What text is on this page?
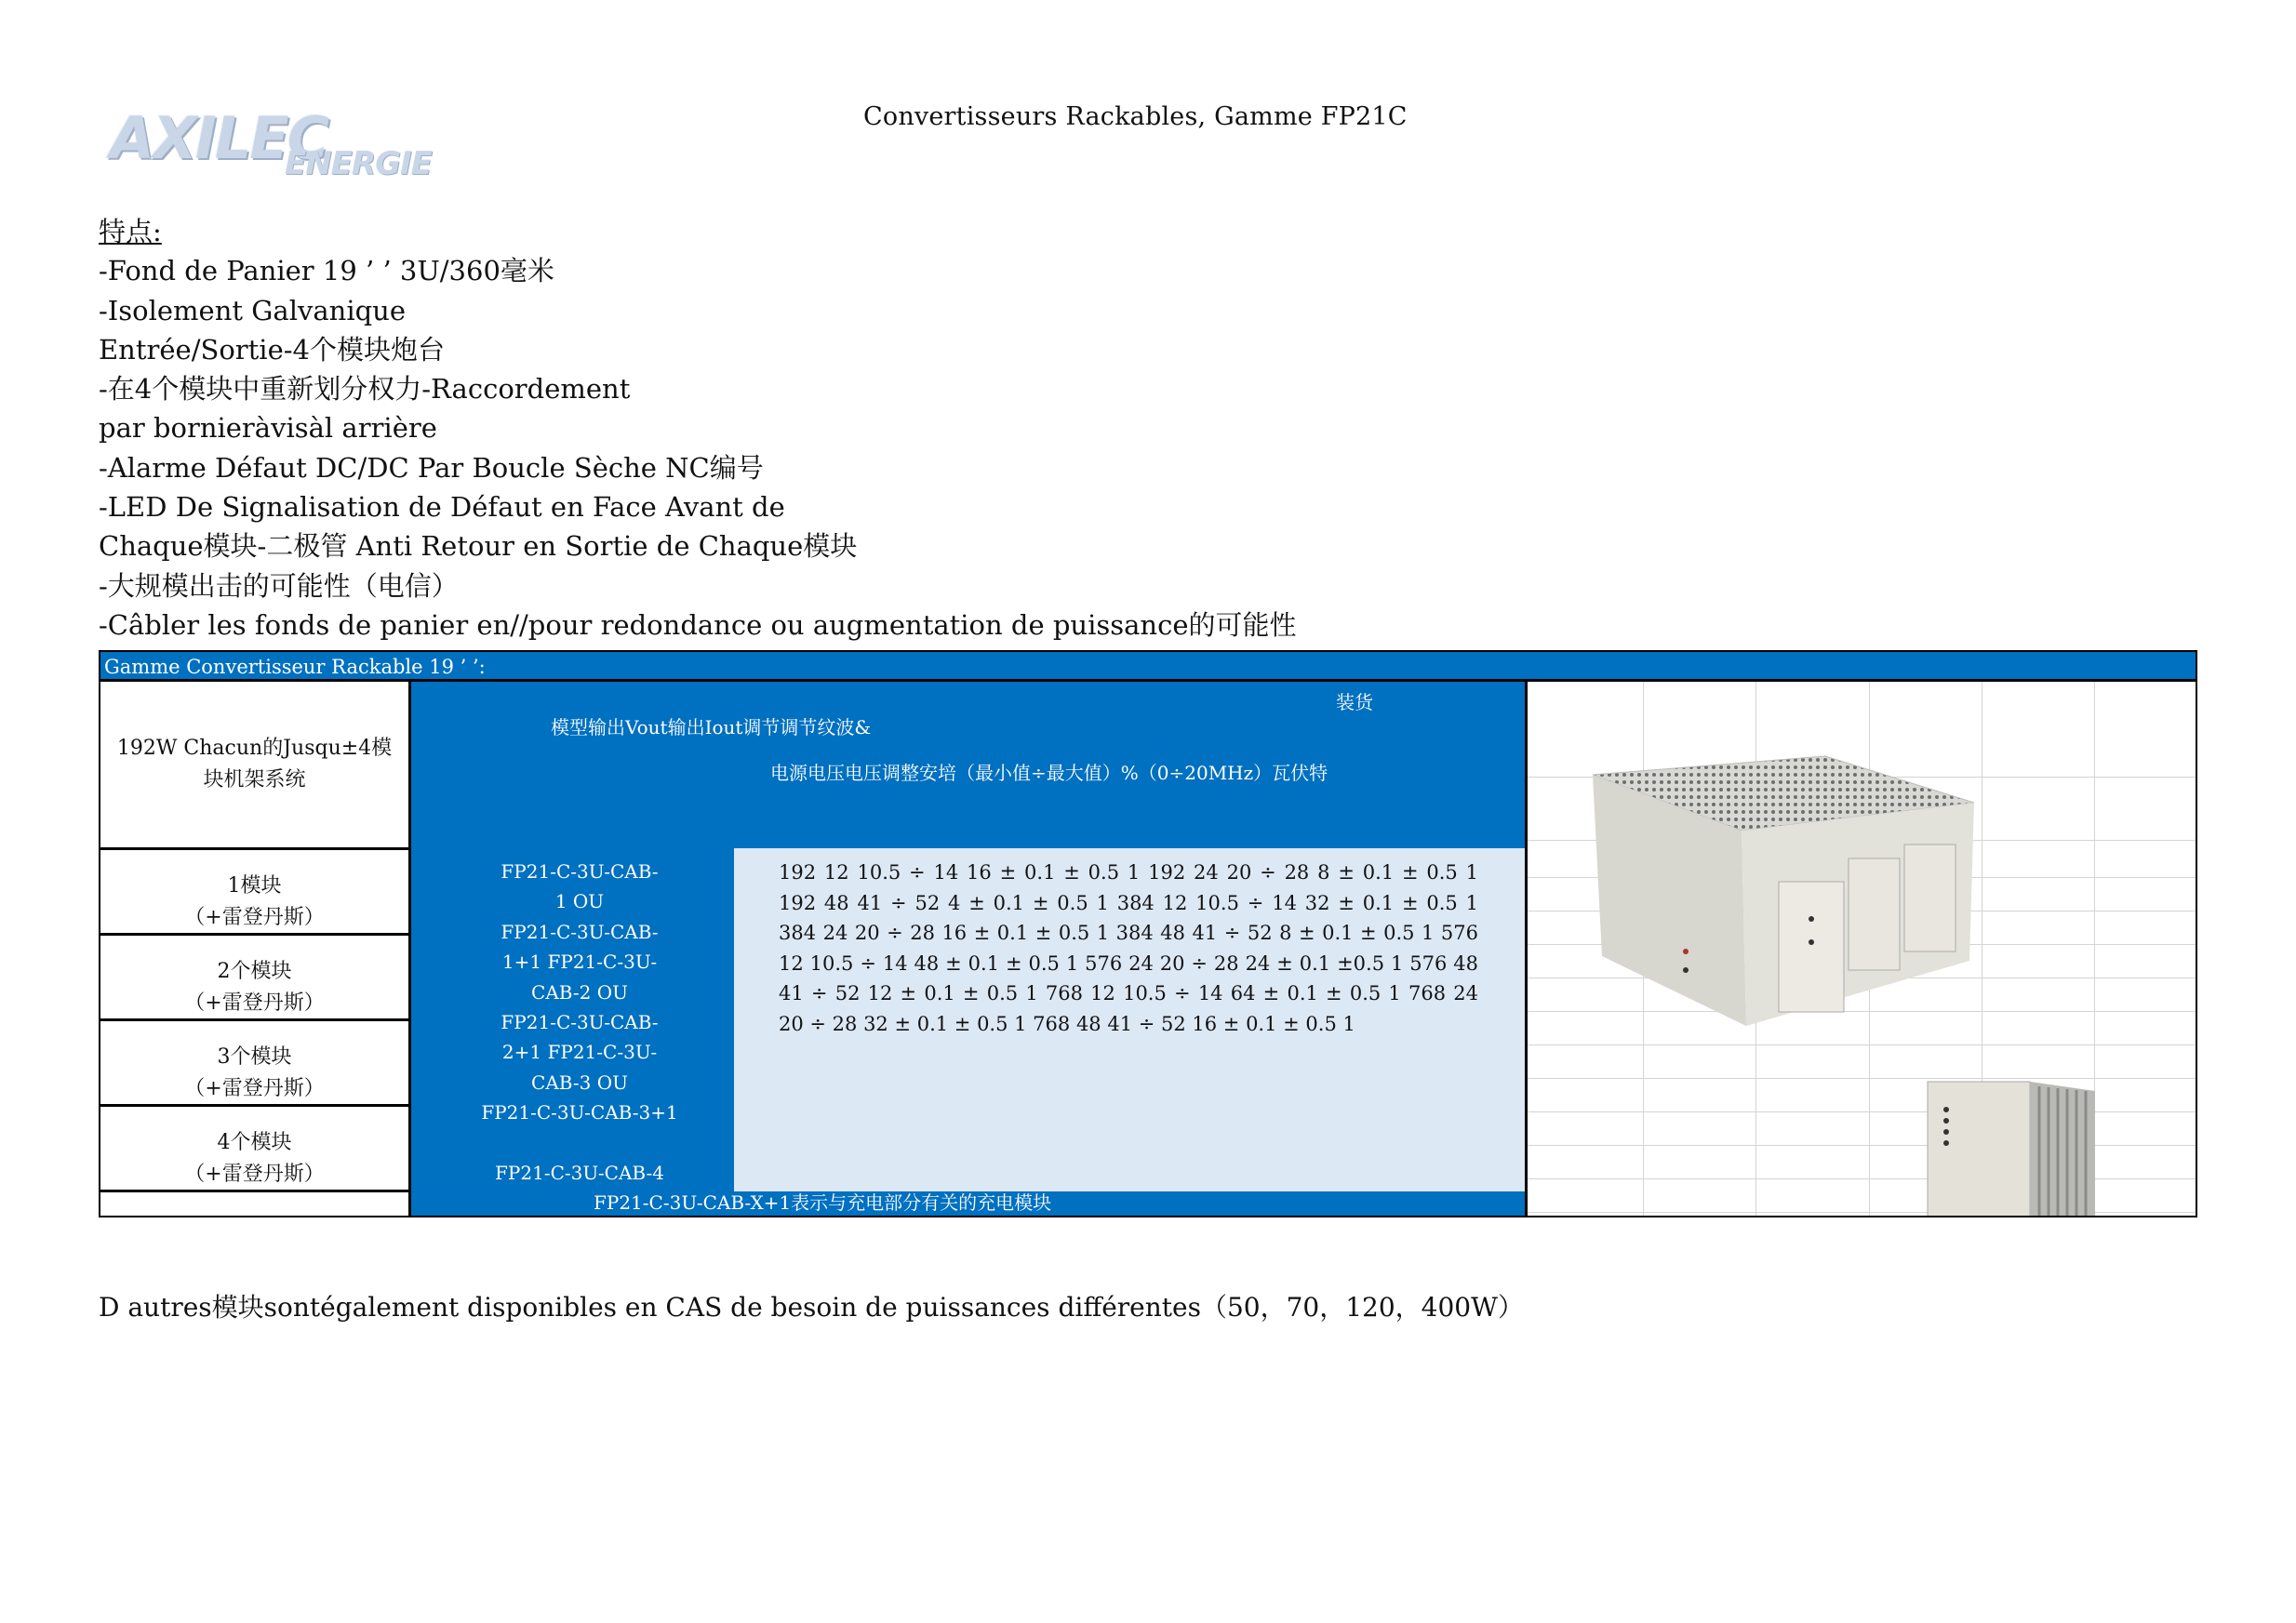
AXILEC
ENERGIE
Convertisseurs Rackables, Gamme FP21C
特点:
-Fond de Panier 19 ’ ’ 3U/360毫米
-Isolement Galvanique
Entrée/Sortie-4个模块炮台
-在4个模块中重新划分权力-Raccordement
par bornieràvisàl arrière
-Alarme Défaut DC/DC Par Boucle Sèche NC编号
-LED De Signalisation de Défaut en Face Avant de
Chaque模块-二极管 Anti Retour en Sortie de Chaque模块
-大规模出击的可能性（电信）
-Câbler les fonds de panier en//pour redondance ou augmentation de puissance的可能性
Gamme Convertisseur Rackable 19 ’ ’:
192W Chacun的Jusqu±4模块机架系统
1模块
（+雷登丹斯）
2个模块
（+雷登丹斯）
3个模块
（+雷登丹斯）
4个模块
（+雷登丹斯）
装货
模型输出Vout输出Iout调节调节纹波&
电源电压电压调整安培（最小值÷最大值）%（0÷20MHz）瓦伏特
FP21-C-3U-CAB-
1 OU
FP21-C-3U-CAB-
1+1 FP21-C-3U-
CAB-2 OU
FP21-C-3U-CAB-
2+1 FP21-C-3U-
CAB-3 OU
FP21-C-3U-CAB-3+1
FP21-C-3U-CAB-4
192 12 10.5 ÷ 14 16 ± 0.1 ± 0.5 1 192 24 20 ÷ 28 8 ± 0.1 ± 0.5 1 192 48 41 ÷ 52 4 ± 0.1 ± 0.5 1 384 12 10.5 ÷ 14 32 ± 0.1 ± 0.5 1 384 24 20 ÷ 28 16 ± 0.1 ± 0.5 1 384 48 41 ÷ 52 8 ± 0.1 ± 0.5 1 576 12 10.5 ÷ 14 48 ± 0.1 ± 0.5 1 576 24 20 ÷ 28 24 ± 0.1 ±0.5 1 576 48 41 ÷ 52 12 ± 0.1 ± 0.5 1 768 12 10.5 ÷ 14 64 ± 0.1 ± 0.5 1 768 24 20 ÷ 28 32 ± 0.1 ± 0.5 1 768 48 41 ÷ 52 16 ± 0.1 ± 0.5 1
FP21-C-3U-CAB-X+1表示与充电部分有关的充电模块
D autres模块sontégalement disponibles en CAS de besoin de puissances différentes（50，70，120，400W）
